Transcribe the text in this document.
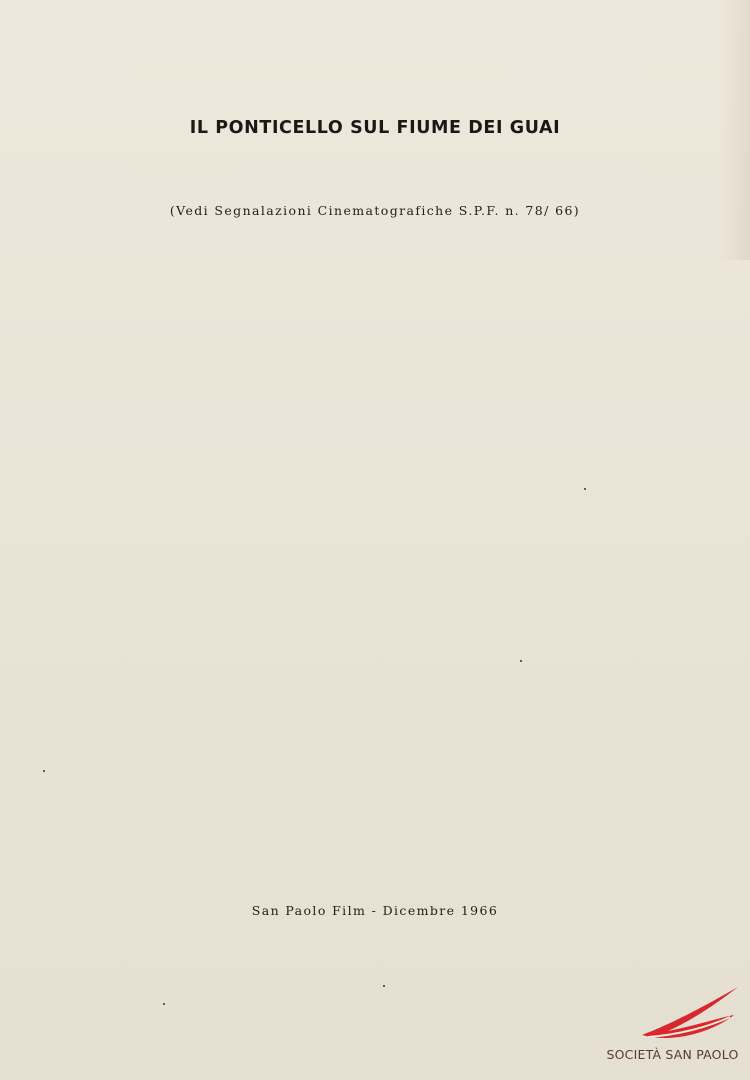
IL PONTICELLO SUL FIUME DEI GUAI
(Vedi Segnalazioni Cinematografiche S.P.F. n. 78/ 66)
San Paolo Film - Dicembre 1966
SOCIETÀ SAN PAOLO
